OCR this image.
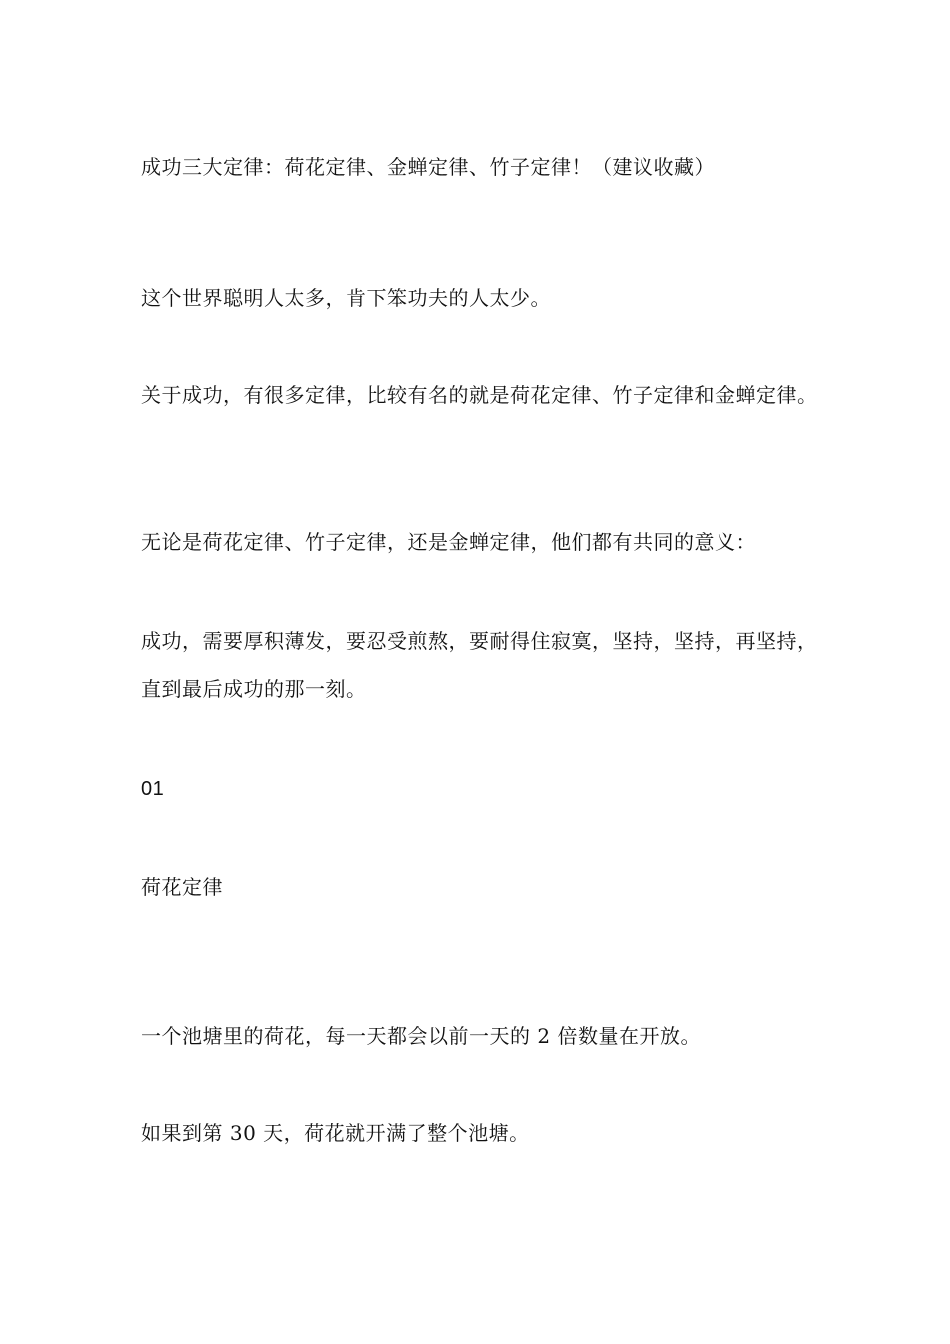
成功三大定律：荷花定律、金蝉定律、竹子定律！（建议收藏）

这个世界聪明人太多，肯下笨功夫的人太少。

关于成功，有很多定律，比较有名的就是荷花定律、竹子定律和金蝉定律。

无论是荷花定律、竹子定律，还是金蝉定律，他们都有共同的意义：

成功，需要厚积薄发，要忍受煎熬，要耐得住寂寞，坚持，坚持，再坚持，直到最后成功的那一刻。

01

荷花定律

一个池塘里的荷花，每一天都会以前一天的 2 倍数量在开放。

如果到第 30 天，荷花就开满了整个池塘。
